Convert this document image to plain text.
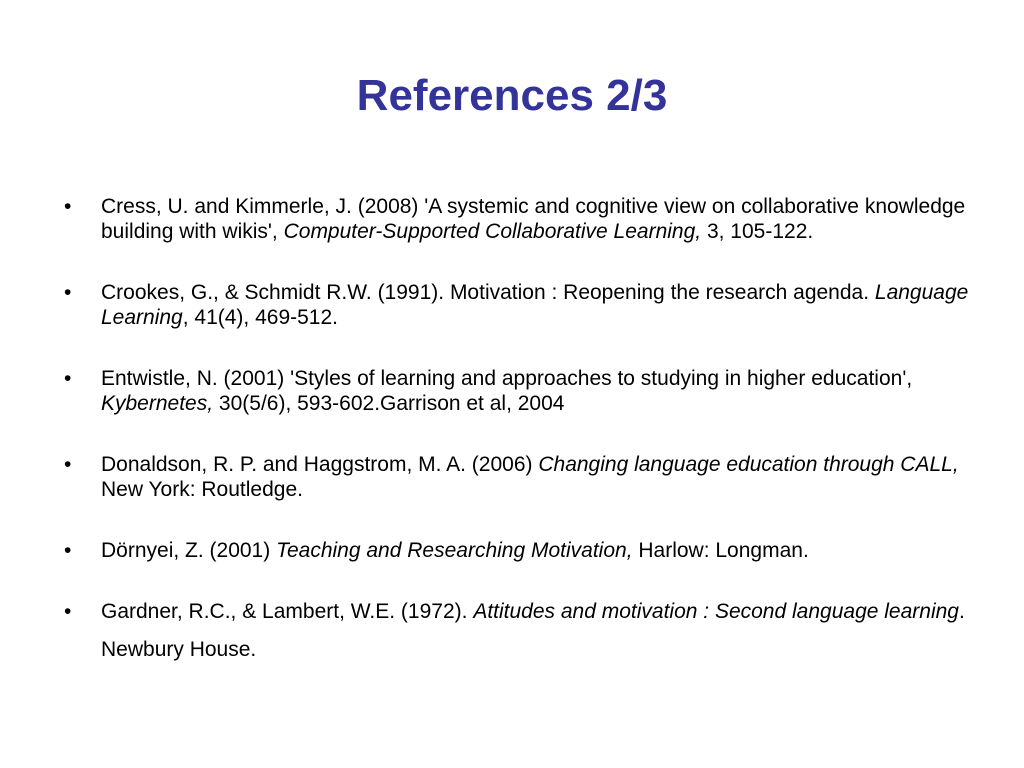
References 2/3
•	Cress, U. and Kimmerle, J. (2008) 'A systemic and cognitive view on collaborative knowledge building with wikis', Computer-Supported Collaborative Learning, 3, 105-122.
•	Crookes, G., & Schmidt R.W. (1991). Motivation : Reopening the research agenda. Language Learning, 41(4), 469-512.
•	Entwistle, N. (2001) 'Styles of learning and approaches to studying in higher education', Kybernetes, 30(5/6), 593-602.Garrison et al, 2004
•	Donaldson, R. P. and Haggstrom, M. A. (2006) Changing language education through CALL, New York: Routledge.
•	Dörnyei, Z. (2001) Teaching and Researching Motivation, Harlow: Longman.
•	Gardner, R.C., & Lambert, W.E. (1972). Attitudes and motivation : Second language learning. Newbury House.
